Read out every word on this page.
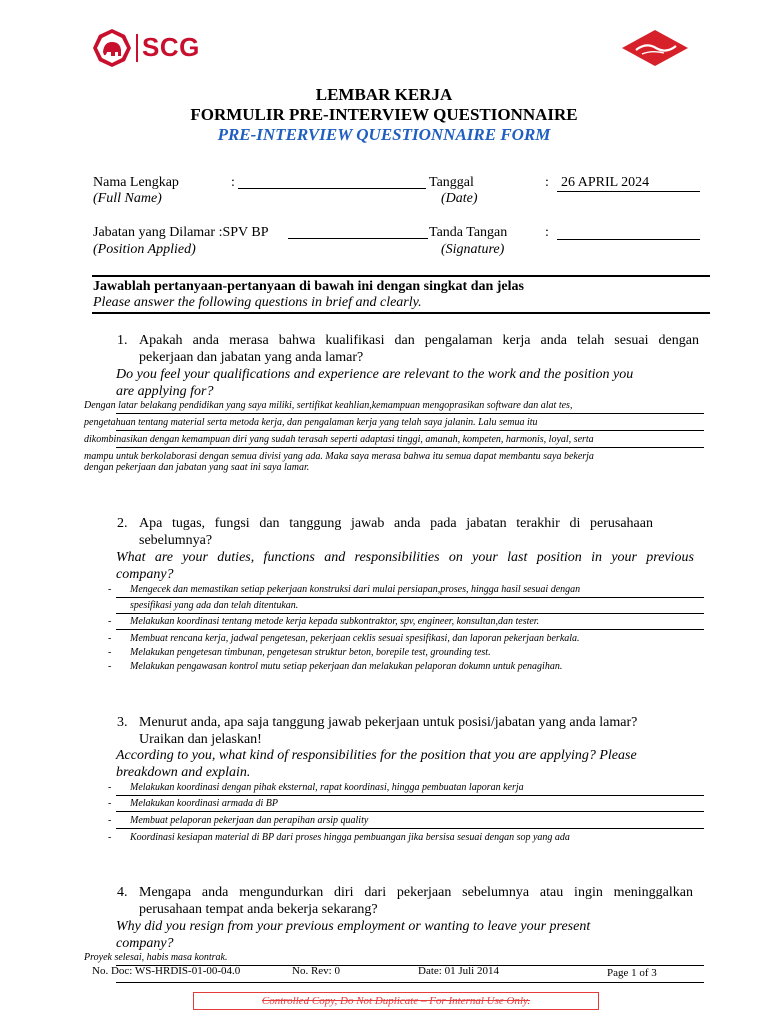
SCG
LEMBAR KERJA
FORMULIR PRE-INTERVIEW QUESTIONNAIRE
PRE-INTERVIEW QUESTIONNAIRE FORM
Nama Lengkap	:
(Full Name)
Tanggal
(Date)
: 26 APRIL 2024
Jabatan yang Dilamar :SPV BP
(Position Applied)
Tanda Tangan
(Signature)
:
Jawablah pertanyaan-pertanyaan di bawah ini dengan singkat dan jelas
Please answer the following questions in brief and clearly.
1. Apakah anda merasa bahwa kualifikasi dan pengalaman kerja anda telah sesuai dengan
pekerjaan dan jabatan yang anda lamar?
Do you feel your qualifications and experience are relevant to the work and the position you
are applying for?
Dengan latar belakang pendidikan yang saya miliki, sertifikat keahlian,kemampuan mengoprasikan software dan alat tes,
pengetahuan tentang material serta metoda kerja, dan pengalaman kerja yang telah saya jalanin. Lalu semua itu
dikombinasikan dengan kemampuan diri yang sudah terasah seperti adaptasi tinggi, amanah, kompeten, harmonis, loyal, serta
mampu untuk berkolaborasi dengan semua divisi yang ada. Maka saya merasa bahwa itu semua dapat membantu saya bekerja
dengan pekerjaan dan jabatan yang saat ini saya lamar.
2. Apa tugas, fungsi dan tanggung jawab anda pada jabatan terakhir di perusahaan
sebelumnya?
What are your duties, functions and responsibilities on your last position in your previous
company?
- Mengecek dan memastikan setiap pekerjaan konstruksi dari mulai persiapan,proses, hingga hasil sesuai dengan
spesifikasi yang ada dan telah ditentukan.
- Melakukan koordinasi tentang metode kerja kepada subkontraktor, spv, engineer, konsultan,dan tester.
- Membuat rencana kerja, jadwal pengetesan, pekerjaan ceklis sesuai spesifikasi, dan laporan pekerjaan berkala.
- Melakukan pengetesan timbunan, pengetesan struktur beton, borepile test, grounding test.
- Melakukan pengawasan kontrol mutu setiap pekerjaan dan melakukan pelaporan dokumn untuk penagihan.
3. Menurut anda, apa saja tanggung jawab pekerjaan untuk posisi/jabatan yang anda lamar?
Uraikan dan jelaskan!
According to you, what kind of responsibilities for the position that you are applying? Please
breakdown and explain.
- Melakukan koordinasi dengan pihak eksternal, rapat koordinasi, hingga pembuatan laporan kerja
- Melakukan koordinasi armada di BP
- Membuat pelaporan pekerjaan dan perapihan arsip quality
- Koordinasi kesiapan material di BP dari proses hingga pembuangan jika bersisa sesuai dengan sop yang ada
4. Mengapa anda mengundurkan diri dari pekerjaan sebelumnya atau ingin meninggalkan
perusahaan tempat anda bekerja sekarang?
Why did you resign from your previous employment or wanting to leave your present
company?
Proyek selesai, habis masa kontrak.
No. Doc: WS-HRDIS-01-00-04.0	No. Rev: 0	Date: 01 Juli 2014	Page 1 of 3
Controlled Copy, Do Not Duplicate – For Internal Use Only.
